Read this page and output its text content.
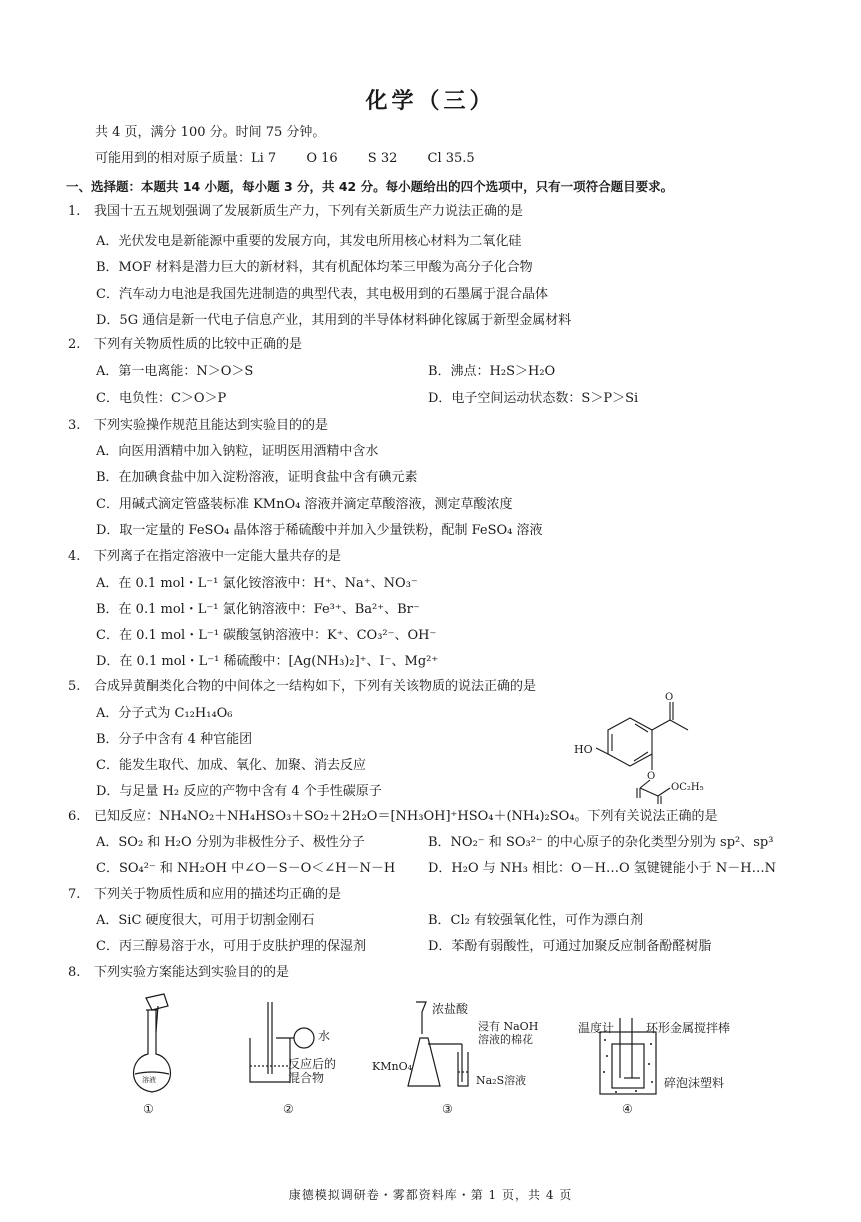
化学（三）
共 4 页，满分 100 分。时间 75 分钟。
可能用到的相对原子质量：Li 7　　 O 16　　 S 32　　 Cl 35.5
一、选择题：本题共 14 小题，每小题 3 分，共 42 分。每小题给出的四个选项中，只有一项符合题目要求。
1. 我国十五五规划强调了发展新质生产力，下列有关新质生产力说法正确的是
A．光伏发电是新能源中重要的发展方向，其发电所用核心材料为二氧化硅
B．MOF 材料是潜力巨大的新材料，其有机配体均苯三甲酸为高分子化合物
C．汽车动力电池是我国先进制造的典型代表，其电极用到的石墨属于混合晶体
D．5G 通信是新一代电子信息产业，其用到的半导体材料砷化镓属于新型金属材料
2. 下列有关物质性质的比较中正确的是
A．第一电离能：N＞O＞S	B．沸点：H₂S＞H₂O
C．电负性：C＞O＞P	D．电子空间运动状态数：S＞P＞Si
3. 下列实验操作规范且能达到实验目的的是
A．向医用酒精中加入钠粒，证明医用酒精中含水
B．在加碘食盐中加入淀粉溶液，证明食盐中含有碘元素
C．用碱式滴定管盛装标准 KMnO₄ 溶液并滴定草酸溶液，测定草酸浓度
D．取一定量的 FeSO₄ 晶体溶于稀硫酸中并加入少量铁粉，配制 FeSO₄ 溶液
4. 下列离子在指定溶液中一定能大量共存的是
A．在 0.1 mol・L⁻¹ 氯化铵溶液中：H⁺、Na⁺、NO₃⁻
B．在 0.1 mol・L⁻¹ 氯化钠溶液中：Fe³⁺、Ba²⁺、Br⁻
C．在 0.1 mol・L⁻¹ 碳酸氢钠溶液中：K⁺、CO₃²⁻、OH⁻
D．在 0.1 mol・L⁻¹ 稀硫酸中：[Ag(NH₃)₂]⁺、I⁻、Mg²⁺
5. 合成异黄酮类化合物的中间体之一结构如下，下列有关该物质的说法正确的是
A．分子式为 C₁₂H₁₄O₆
B．分子中含有 4 种官能团
C．能发生取代、加成、氧化、加聚、消去反应
D．与足量 H₂ 反应的产物中含有 4 个手性碳原子
O
HO
O
OC₂H₅
6. 已知反应：NH₄NO₂＋NH₄HSO₃＋SO₂＋2H₂O＝[NH₃OH]⁺HSO₄＋(NH₄)₂SO₄。下列有关说法正确的是
A．SO₂ 和 H₂O 分别为非极性分子、极性分子	B．NO₂⁻ 和 SO₃²⁻ 的中心原子的杂化类型分别为 sp²、sp³
C．SO₄²⁻ 和 NH₂OH 中∠O－S－O＜∠H－N－H	D．H₂O 与 NH₃ 相比：O－H…O 氢键键能小于 N－H…N
7. 下列关于物质性质和应用的描述均正确的是
A．SiC 硬度很大，可用于切割金刚石	B．Cl₂ 有较强氧化性，可作为漂白剂
C．丙三醇易溶于水，可用于皮肤护理的保湿剂	D．苯酚有弱酸性，可通过加聚反应制备酚醛树脂
8. 下列实验方案能达到实验目的的是
溶液
①
水
反应后的
混合物
②
浓盐酸
浸有 NaOH
溶液的棉花
KMnO₄
Na₂S溶液
③
温度计	环形金属搅拌棒
碎泡沫塑料
④
康德模拟调研卷・雾都资料库・第 1 页，共 4 页
